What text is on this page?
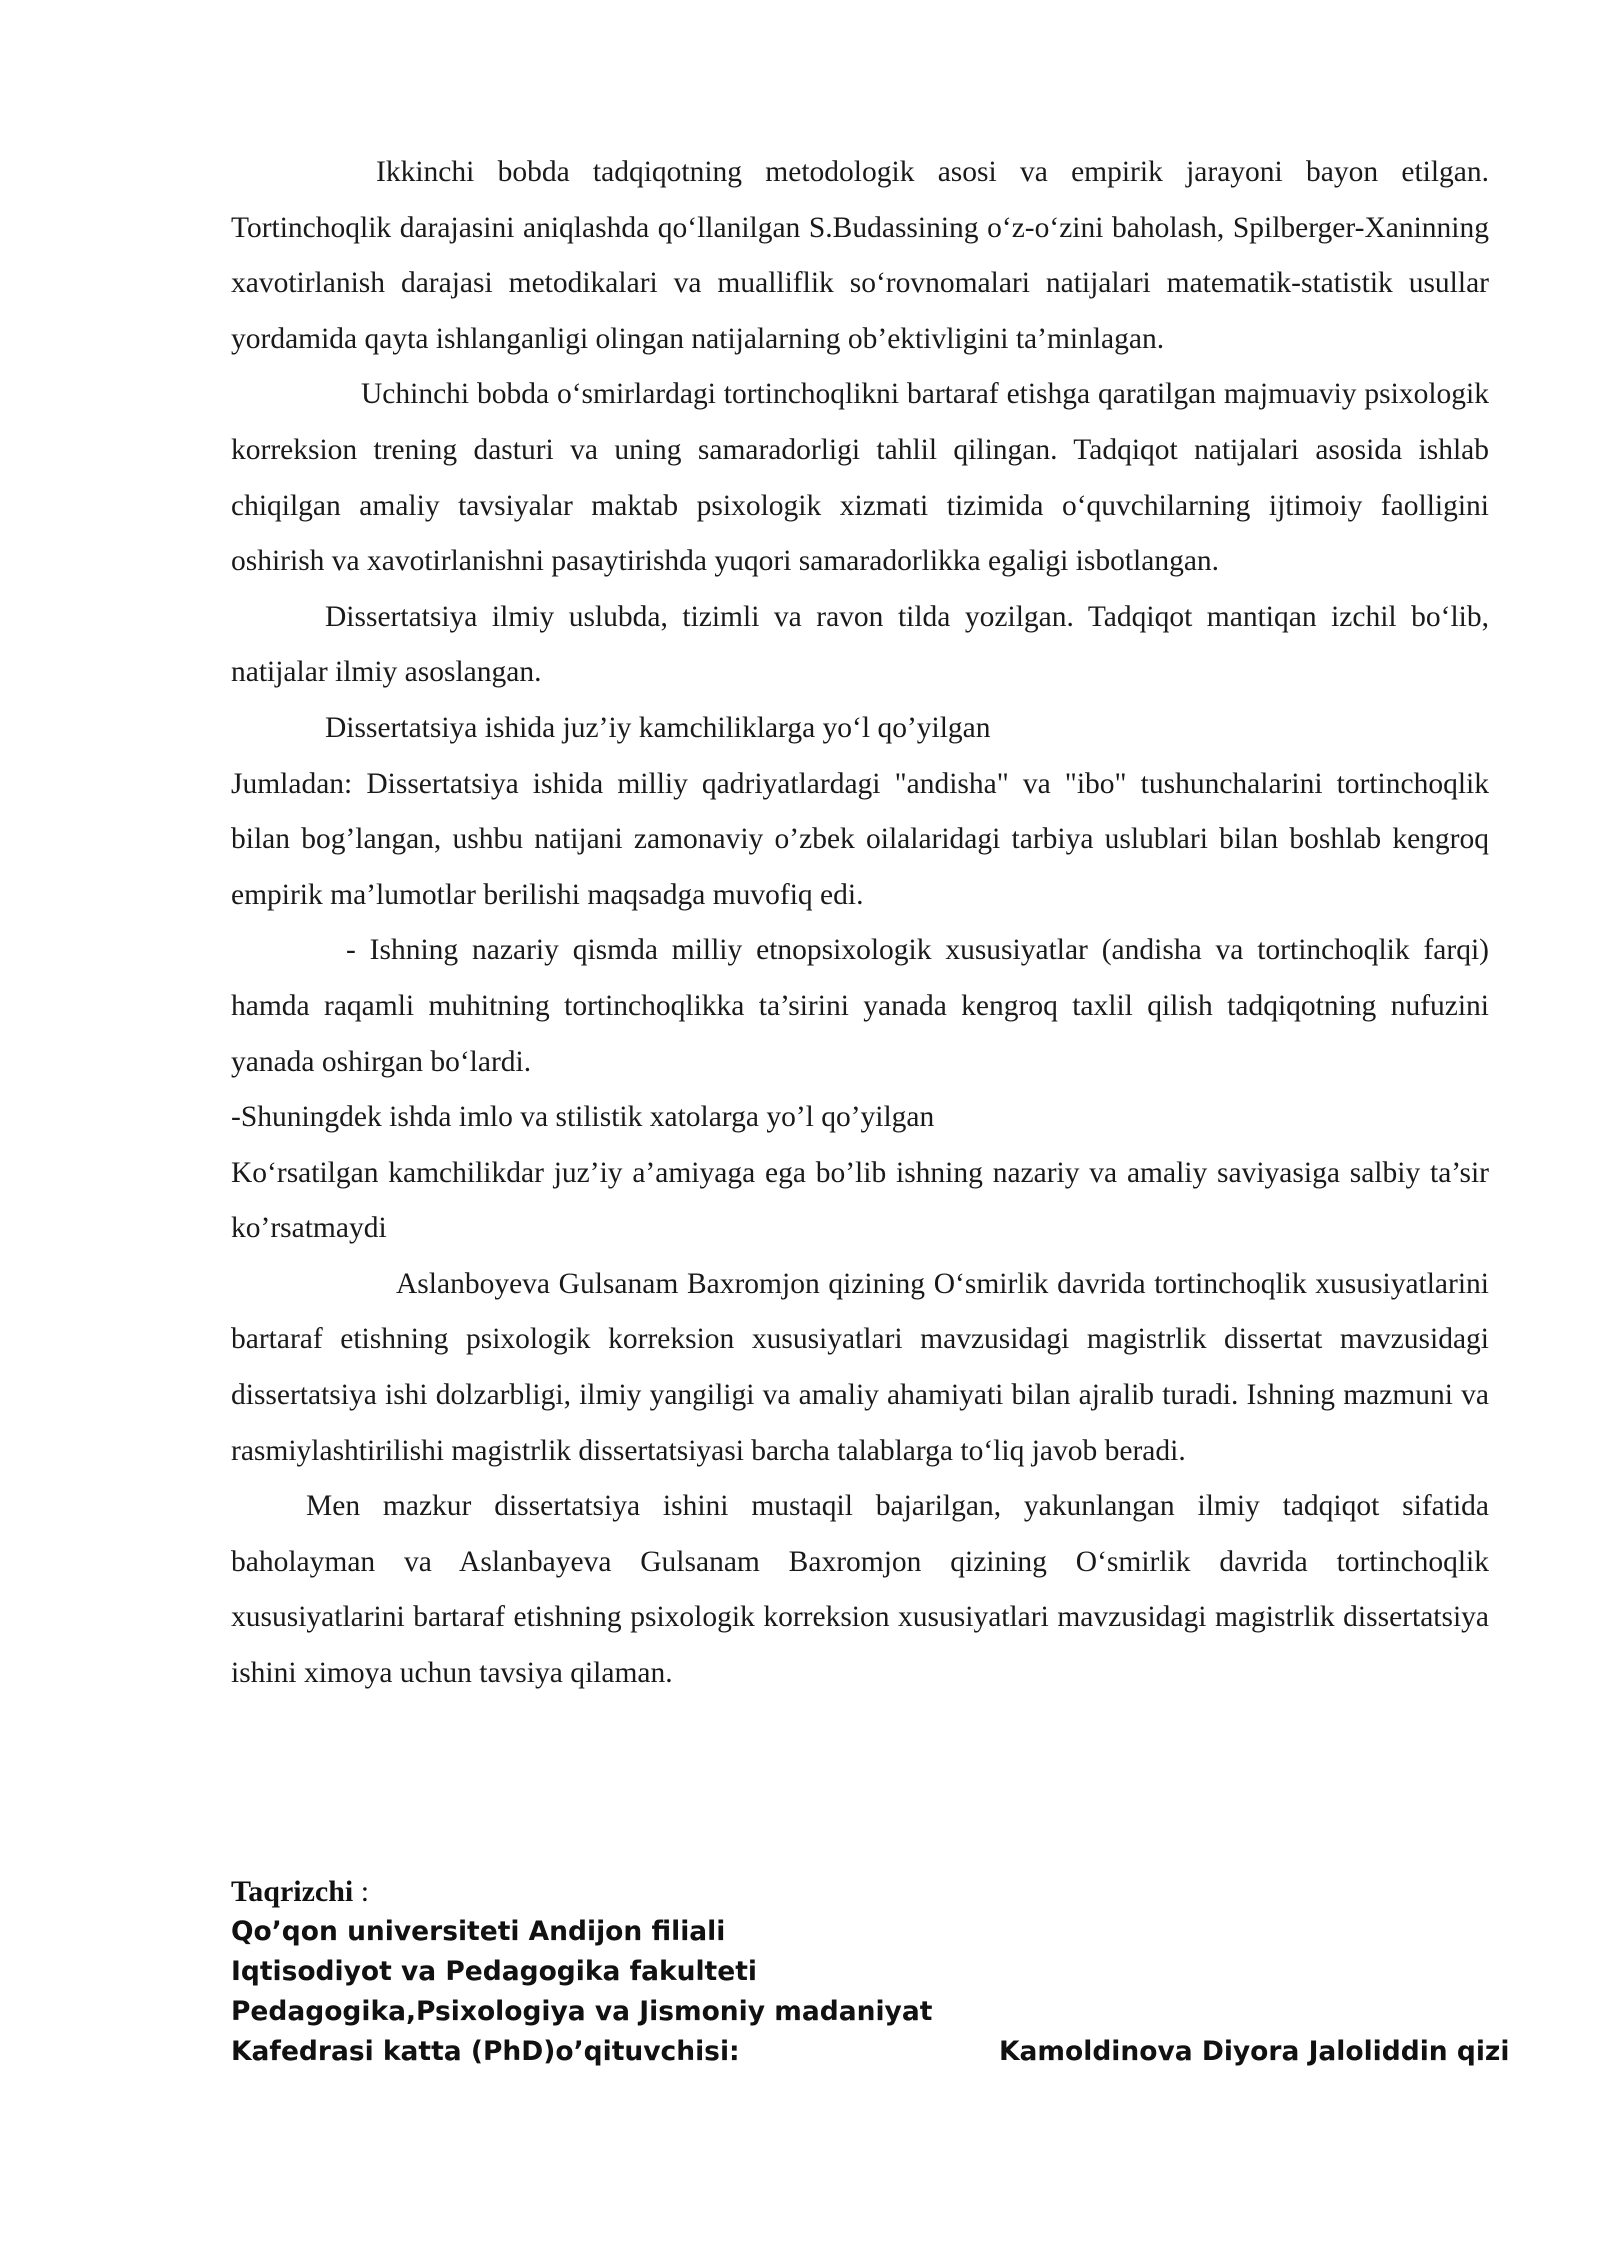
Ikkinchi bobda tadqiqotning metodologik asosi va empirik jarayoni bayon etilgan. Tortinchoqlik darajasini aniqlashda qo‘llanilgan S.Budassining o‘z-o‘zini baholash, Spilberger-Xaninning xavotirlanish darajasi metodikalari va mualliflik so‘rovnomalari natijalari matematik-statistik usullar yordamida qayta ishlanganligi olingan natijalarning ob’ektivligini ta’minlagan.

Uchinchi bobda o‘smirlardagi tortinchoqlikni bartaraf etishga qaratilgan majmuaviy psixologik korreksion trening dasturi va uning samaradorligi tahlil qilingan. Tadqiqot natijalari asosida ishlab chiqilgan amaliy tavsiyalar maktab psixologik xizmati tizimida o‘quvchilarning ijtimoiy faolligini oshirish va xavotirlanishni pasaytirishda yuqori samaradorlikka egaligi isbotlangan.

Dissertatsiya ilmiy uslubda, tizimli va ravon tilda yozilgan. Tadqiqot mantiqan izchil bo‘lib, natijalar ilmiy asoslangan.

Dissertatsiya ishida juz’iy kamchiliklarga yo‘l qo’yilgan

Jumladan: Dissertatsiya ishida milliy qadriyatlardagi "andisha" va "ibo" tushunchalarini tortinchoqlik bilan bog’langan, ushbu natijani zamonaviy o’zbek oilalaridagi tarbiya uslublari bilan boshlab kengroq empirik ma’lumotlar berilishi maqsadga muvofiq edi.

- Ishning nazariy qismda milliy etnopsixologik xususiyatlar (andisha va tortinchoqlik farqi) hamda raqamli muhitning tortinchoqlikka ta’sirini yanada kengroq taxlil qilish tadqiqotning nufuzini yanada oshirgan bo‘lardi.

-Shuningdek ishda imlo va stilistik xatolarga yo’l qo’yilgan

Ko‘rsatilgan kamchilikdar juz’iy a’amiyaga ega bo’lib ishning nazariy va amaliy saviyasiga salbiy ta’sir ko’rsatmaydi

Aslanboyeva Gulsanam Baxromjon qizining O‘smirlik davrida tortinchoqlik xususiyatlarini bartaraf etishning psixologik korreksion xususiyatlari mavzusidagi magistrlik dissertat mavzusidagi dissertatsiya ishi dolzarbligi, ilmiy yangiligi va amaliy ahamiyati bilan ajralib turadi. Ishning mazmuni va rasmiylashtirilishi magistrlik dissertatsiyasi barcha talablarga to‘liq javob beradi.

Men mazkur dissertatsiya ishini mustaqil bajarilgan, yakunlangan ilmiy tadqiqot sifatida baholayman va Aslanbayeva Gulsanam Baxromjon qizining O‘smirlik davrida tortinchoqlik xususiyatlarini bartaraf etishning psixologik korreksion xususiyatlari mavzusidagi magistrlik dissertatsiya ishini ximoya uchun tavsiya qilaman.

Taqrizchi :
Qo’qon universiteti Andijon filiali
Iqtisodiyot va Pedagogika fakulteti
Pedagogika,Psixologiya va Jismoniy madaniyat
Kafedrasi katta (PhD)o’qituvchisi:	Kamoldinova Diyora Jaloliddin qizi
